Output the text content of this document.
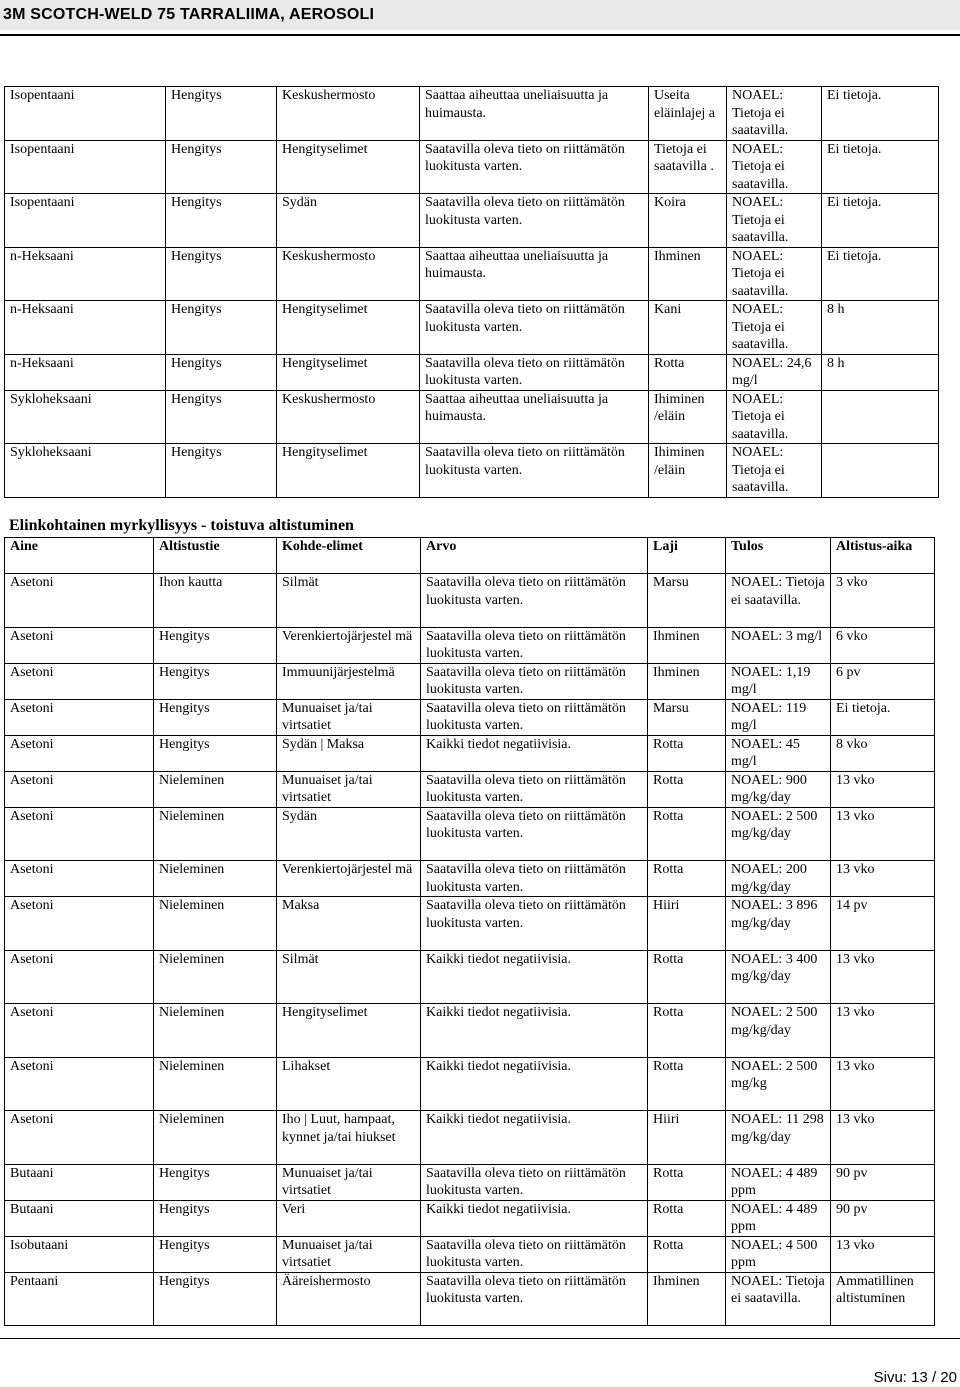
3M SCOTCH-WELD 75 TARRALIIMA, AEROSOLI
Isopentaani	Hengitys	Keskushermosto	Saattaa aiheuttaa uneliaisuutta ja huimausta.	Useita eläinlajej a	NOAEL: Tietoja ei saatavilla.	Ei tietoja.
Isopentaani	Hengitys	Hengityselimet	Saatavilla oleva tieto on riittämätön luokitusta varten.	Tietoja ei saatavilla .	NOAEL: Tietoja ei saatavilla.	Ei tietoja.
Isopentaani	Hengitys	Sydän	Saatavilla oleva tieto on riittämätön luokitusta varten.	Koira	NOAEL: Tietoja ei saatavilla.	Ei tietoja.
n-Heksaani	Hengitys	Keskushermosto	Saattaa aiheuttaa uneliaisuutta ja huimausta.	Ihminen	NOAEL: Tietoja ei saatavilla.	Ei tietoja.
n-Heksaani	Hengitys	Hengityselimet	Saatavilla oleva tieto on riittämätön luokitusta varten.	Kani	NOAEL: Tietoja ei saatavilla.	8 h
n-Heksaani	Hengitys	Hengityselimet	Saatavilla oleva tieto on riittämätön luokitusta varten.	Rotta	NOAEL: 24,6 mg/l	8 h
Sykloheksaani	Hengitys	Keskushermosto	Saattaa aiheuttaa uneliaisuutta ja huimausta.	Ihiminen /eläin	NOAEL: Tietoja ei saatavilla.	
Sykloheksaani	Hengitys	Hengityselimet	Saatavilla oleva tieto on riittämätön luokitusta varten.	Ihiminen /eläin	NOAEL: Tietoja ei saatavilla.	
Elinkohtainen myrkyllisyys - toistuva altistuminen
Aine	Altistustie	Kohde-elimet	Arvo	Laji	Tulos	Altistus-aika
Asetoni	Ihon kautta	Silmät	Saatavilla oleva tieto on riittämätön luokitusta varten.	Marsu	NOAEL: Tietoja ei saatavilla.	3 vko
Asetoni	Hengitys	Verenkiertojärjestel mä	Saatavilla oleva tieto on riittämätön luokitusta varten.	Ihminen	NOAEL: 3 mg/l	6 vko
Asetoni	Hengitys	Immuunijärjestelmä	Saatavilla oleva tieto on riittämätön luokitusta varten.	Ihminen	NOAEL: 1,19 mg/l	6 pv
Asetoni	Hengitys	Munuaiset ja/tai virtsatiet	Saatavilla oleva tieto on riittämätön luokitusta varten.	Marsu	NOAEL: 119 mg/l	Ei tietoja.
Asetoni	Hengitys	Sydän | Maksa	Kaikki tiedot negatiivisia.	Rotta	NOAEL: 45 mg/l	8 vko
Asetoni	Nieleminen	Munuaiset ja/tai virtsatiet	Saatavilla oleva tieto on riittämätön luokitusta varten.	Rotta	NOAEL: 900 mg/kg/day	13 vko
Asetoni	Nieleminen	Sydän	Saatavilla oleva tieto on riittämätön luokitusta varten.	Rotta	NOAEL: 2 500 mg/kg/day	13 vko
Asetoni	Nieleminen	Verenkiertojärjestel mä	Saatavilla oleva tieto on riittämätön luokitusta varten.	Rotta	NOAEL: 200 mg/kg/day	13 vko
Asetoni	Nieleminen	Maksa	Saatavilla oleva tieto on riittämätön luokitusta varten.	Hiiri	NOAEL: 3 896 mg/kg/day	14 pv
Asetoni	Nieleminen	Silmät	Kaikki tiedot negatiivisia.	Rotta	NOAEL: 3 400 mg/kg/day	13 vko
Asetoni	Nieleminen	Hengityselimet	Kaikki tiedot negatiivisia.	Rotta	NOAEL: 2 500 mg/kg/day	13 vko
Asetoni	Nieleminen	Lihakset	Kaikki tiedot negatiivisia.	Rotta	NOAEL: 2 500 mg/kg	13 vko
Asetoni	Nieleminen	Iho | Luut, hampaat, kynnet ja/tai hiukset	Kaikki tiedot negatiivisia.	Hiiri	NOAEL: 11 298 mg/kg/day	13 vko
Butaani	Hengitys	Munuaiset ja/tai virtsatiet	Saatavilla oleva tieto on riittämätön luokitusta varten.	Rotta	NOAEL: 4 489 ppm	90 pv
Butaani	Hengitys	Veri	Kaikki tiedot negatiivisia.	Rotta	NOAEL: 4 489 ppm	90 pv
Isobutaani	Hengitys	Munuaiset ja/tai virtsatiet	Saatavilla oleva tieto on riittämätön luokitusta varten.	Rotta	NOAEL: 4 500 ppm	13 vko
Pentaani	Hengitys	Ääreishermosto	Saatavilla oleva tieto on riittämätön luokitusta varten.	Ihminen	NOAEL: Tietoja ei saatavilla.	Ammatillinen altistuminen
Sivu: 13 / 20
